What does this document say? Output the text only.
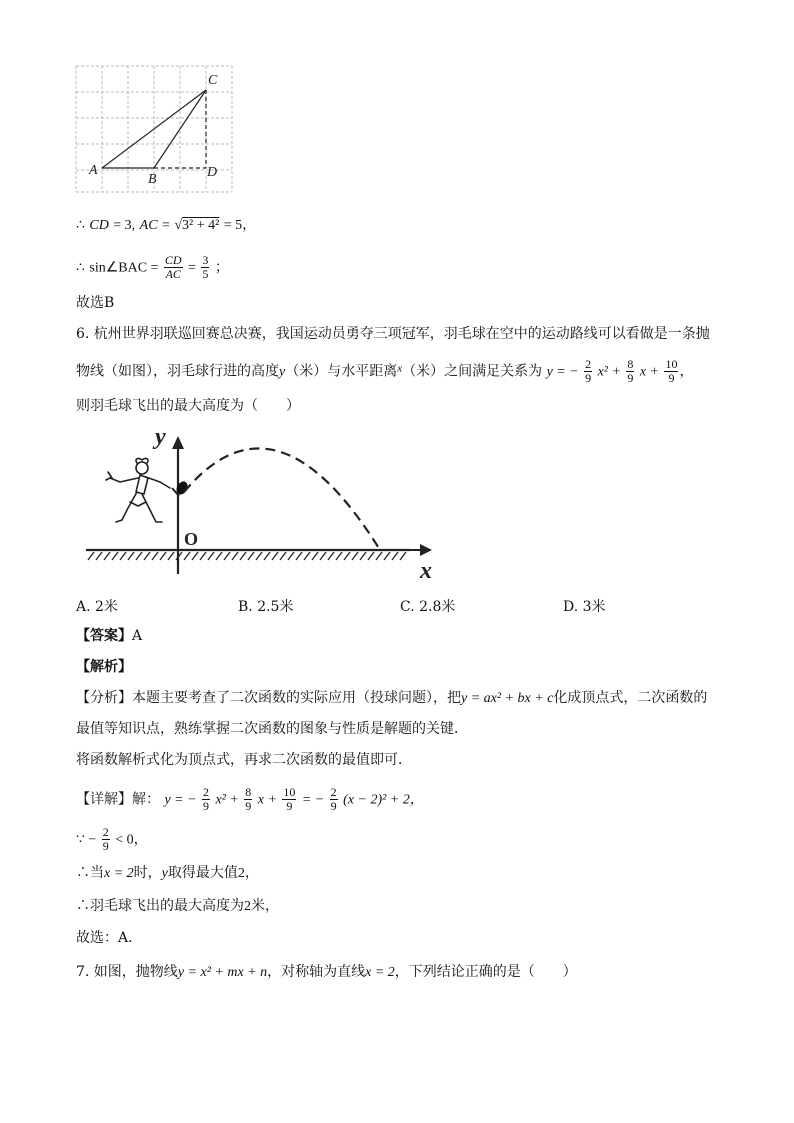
C
A
B	D
∴ CD = 3, AC = √3² + 4² = 5，
∴ sin∠BAC = $\frac{CD}{AC} = \frac{3}{5}$ ；
故选B
6. 杭州世界羽联巡回赛总决赛，我国运动员勇夺三项冠军，羽毛球在空中的运动路线可以看做是一条抛
物线（如图），羽毛球行进的高度y（米）与水平距离$^x$（米）之间满足关系为 y = − $\frac{2}{9} x^2 + \frac{8}{9}$ $x + \frac{10}{9}$ ，
则羽毛球飞出的最大高度为（　　）
y
x
O
A. 2米	B. 2.5米	C. 2.8米	D. 3米
【答案】A
【解析】
【分析】本题主要考查了二次函数的实际应用（投球问题），把y = ax² + bx + c化成顶点式，二次函数的
最值等知识点，熟练掌握二次函数的图象与性质是解题的关键．
将函数解析式化为顶点式，再求二次函数的最值即可．
【详解】解： y = − $\frac{2}{9} x^2 + \frac{8}{9}$ $x + \frac{10}{9}$ = − $\frac{2}{9} (x - 2)^2 + 2$，
∵ − $\frac{2}{9} < 0$，
∴当x = 2时，y取得最大值2，
∴羽毛球飞出的最大高度为2米，
故选：A．
7. 如图，抛物线y = x² + mx + n，对称轴为直线x = 2，下列结论正确的是（　　）
